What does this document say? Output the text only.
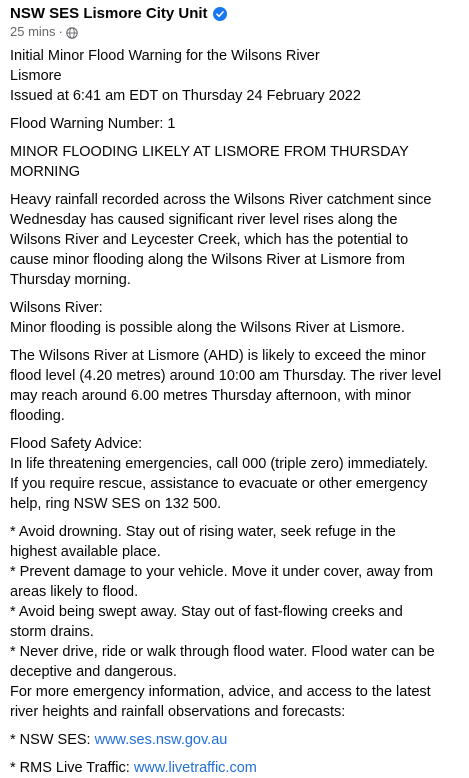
NSW SES Lismore City Unit
25 mins ·
Initial Minor Flood Warning for the Wilsons River
Lismore
Issued at 6:41 am EDT on Thursday 24 February 2022
Flood Warning Number: 1
MINOR FLOODING LIKELY AT LISMORE FROM THURSDAY
MORNING
Heavy rainfall recorded across the Wilsons River catchment since
Wednesday has caused significant river level rises along the
Wilsons River and Leycester Creek, which has the potential to
cause minor flooding along the Wilsons River at Lismore from
Thursday morning.
Wilsons River:
Minor flooding is possible along the Wilsons River at Lismore.
The Wilsons River at Lismore (AHD) is likely to exceed the minor
flood level (4.20 metres) around 10:00 am Thursday. The river level
may reach around 6.00 metres Thursday afternoon, with minor
flooding.
Flood Safety Advice:
In life threatening emergencies, call 000 (triple zero) immediately.
If you require rescue, assistance to evacuate or other emergency
help, ring NSW SES on 132 500.
* Avoid drowning. Stay out of rising water, seek refuge in the
highest available place.
* Prevent damage to your vehicle. Move it under cover, away from
areas likely to flood.
* Avoid being swept away. Stay out of fast-flowing creeks and
storm drains.
* Never drive, ride or walk through flood water. Flood water can be
deceptive and dangerous.
For more emergency information, advice, and access to the latest
river heights and rainfall observations and forecasts:
* NSW SES: www.ses.nsw.gov.au
* RMS Live Traffic: www.livetraffic.com
